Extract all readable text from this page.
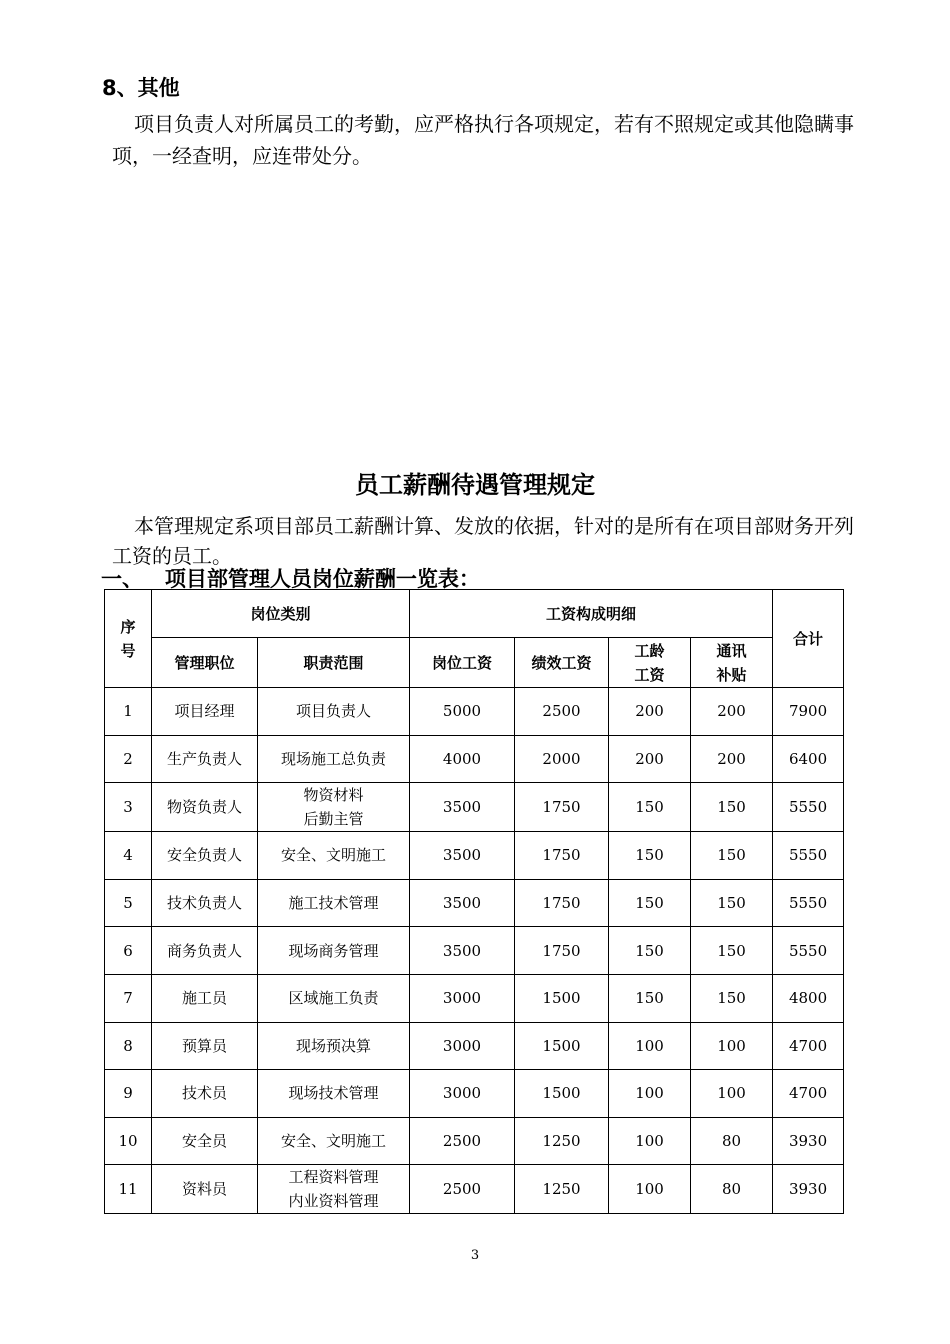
8、其他
项目负责人对所属员工的考勤，应严格执行各项规定，若有不照规定或其他隐瞒事项，一经查明，应连带处分。
员工薪酬待遇管理规定
本管理规定系项目部员工薪酬计算、发放的依据，针对的是所有在项目部财务开列工资的员工。
一、   项目部管理人员岗位薪酬一览表：
序号	岗位类别		工资构成明细				合计
	管理职位	职责范围	岗位工资	绩效工资	工龄工资	通讯补贴	

1	项目经理	项目负责人	5000	2500	200	200	7900
2	生产负责人	现场施工总负责	4000	2000	200	200	6400
3	物资负责人	物资材料
后勤主管	3500	1750	150	150	5550
4	安全负责人	安全、文明施工	3500	1750	150	150	5550
5	技术负责人	施工技术管理	3500	1750	150	150	5550
6	商务负责人	现场商务管理	3500	1750	150	150	5550
7	施工员	区域施工负责	3000	1500	150	150	4800
8	预算员	现场预决算	3000	1500	100	100	4700
9	技术员	现场技术管理	3000	1500	100	100	4700
10	安全员	安全、文明施工	2500	1250	100	80	3930
11	资料员	工程资料管理
内业资料管理	2500	1250	100	80	3930
3
